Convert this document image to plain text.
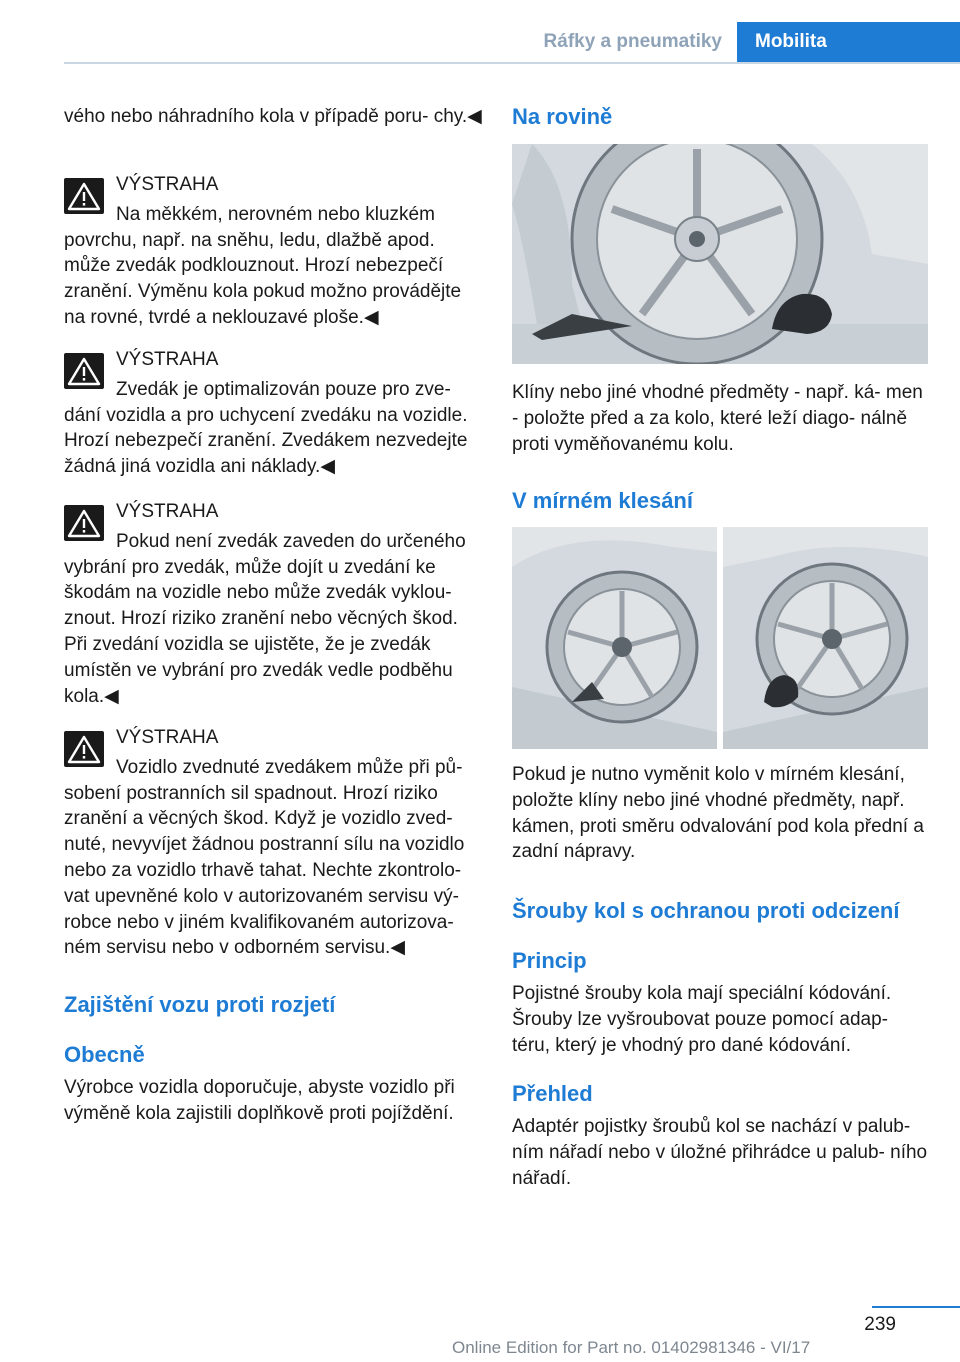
Ráfky a pneumatiky	Mobilita

vého nebo náhradního kola v případě poru‐ chy.◀

VÝSTRAHA

Na měkkém, nerovném nebo kluzkém povrchu, např. na sněhu, ledu, dlažbě apod. může zvedák podklouznout. Hrozí nebezpečí zranění. Výměnu kola pokud možno provádějte na rovné, tvrdé a neklouzavé ploše.◀

VÝSTRAHA

Zvedák je optimalizován pouze pro zve‐ dání vozidla a pro uchycení zvedáku na vozidle. Hrozí nebezpečí zranění. Zvedákem nezvedejte žádná jiná vozidla ani náklady.◀

VÝSTRAHA

Pokud není zvedák zaveden do určeného vybrání pro zvedák, může dojít u zvedání ke škodám na vozidle nebo může zvedák vyklou‐ znout. Hrozí riziko zranění nebo věcných škod. Při zvedání vozidla se ujistěte, že je zvedák umístěn ve vybrání pro zvedák vedle podběhu kola.◀

VÝSTRAHA

Vozidlo zvednuté zvedákem může při pů‐ sobení postranních sil spadnout. Hrozí riziko zranění a věcných škod. Když je vozidlo zved‐ nuté, nevyvíjet žádnou postranní sílu na vozidlo nebo za vozidlo trhavě tahat. Nechte zkontrolo‐ vat upevněné kolo v autorizovaném servisu vý‐ robce nebo v jiném kvalifikovaném autorizova‐ ném servisu nebo v odborném servisu.◀

Zajištění vozu proti rozjetí

Obecně

Výrobce vozidla doporučuje, abyste vozidlo při výměně kola zajistili doplňkově proti pojíždění.

Na rovině

Klíny nebo jiné vhodné předměty - např. ká‐ men - položte před a za kolo, které leží diago‐ nálně proti vyměňovanému kolu.

V mírném klesání

Pokud je nutno vyměnit kolo v mírném klesání, položte klíny nebo jiné vhodné předměty, např. kámen, proti směru odvalování pod kola přední a zadní nápravy.

Šrouby kol s ochranou proti odcizení

Princip

Pojistné šrouby kola mají speciální kódování. Šrouby lze vyšroubovat pouze pomocí adap‐ téru, který je vhodný pro dané kódování.

Přehled

Adaptér pojistky šroubů kol se nachází v palub‐ ním nářadí nebo v úložné přihrádce u palub‐ ního nářadí.

239
Online Edition for Part no. 01402981346 - VI/17
